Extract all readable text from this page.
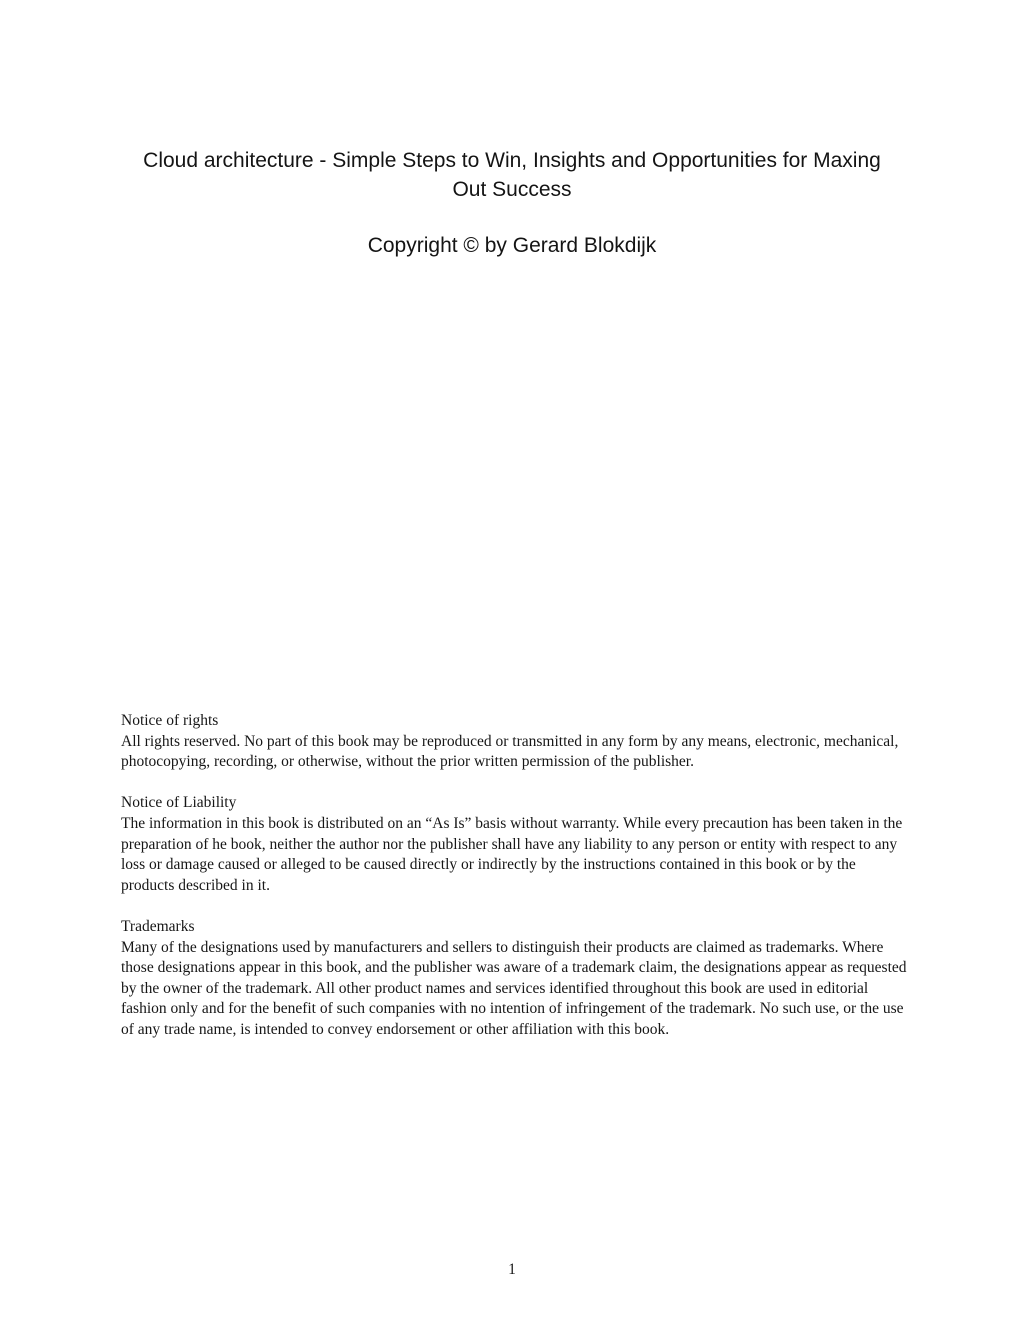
Cloud architecture - Simple Steps to Win, Insights and Opportunities for Maxing Out Success

Copyright © by Gerard Blokdijk

Notice of rights
All rights reserved. No part of this book may be reproduced or transmitted in any form by any means, electronic, mechanical, photocopying, recording, or otherwise, without the prior written permission of the publisher.
Notice of Liability
The information in this book is distributed on an “As Is” basis without warranty. While every precaution has been taken in the preparation of he book, neither the author nor the publisher shall have any liability to any person or entity with respect to any loss or damage caused or alleged to be caused directly or indirectly by the instructions contained in this book or by the products described in it.
Trademarks
Many of the designations used by manufacturers and sellers to distinguish their products are claimed as trademarks. Where those designations appear in this book, and the publisher was aware of a trademark claim, the designations appear as requested by the owner of the trademark. All other product names and services identified throughout this book are used in editorial fashion only and for the benefit of such companies with no intention of infringement of the trademark. No such use, or the use of any trade name, is intended to convey endorsement or other affiliation with this book.
1
